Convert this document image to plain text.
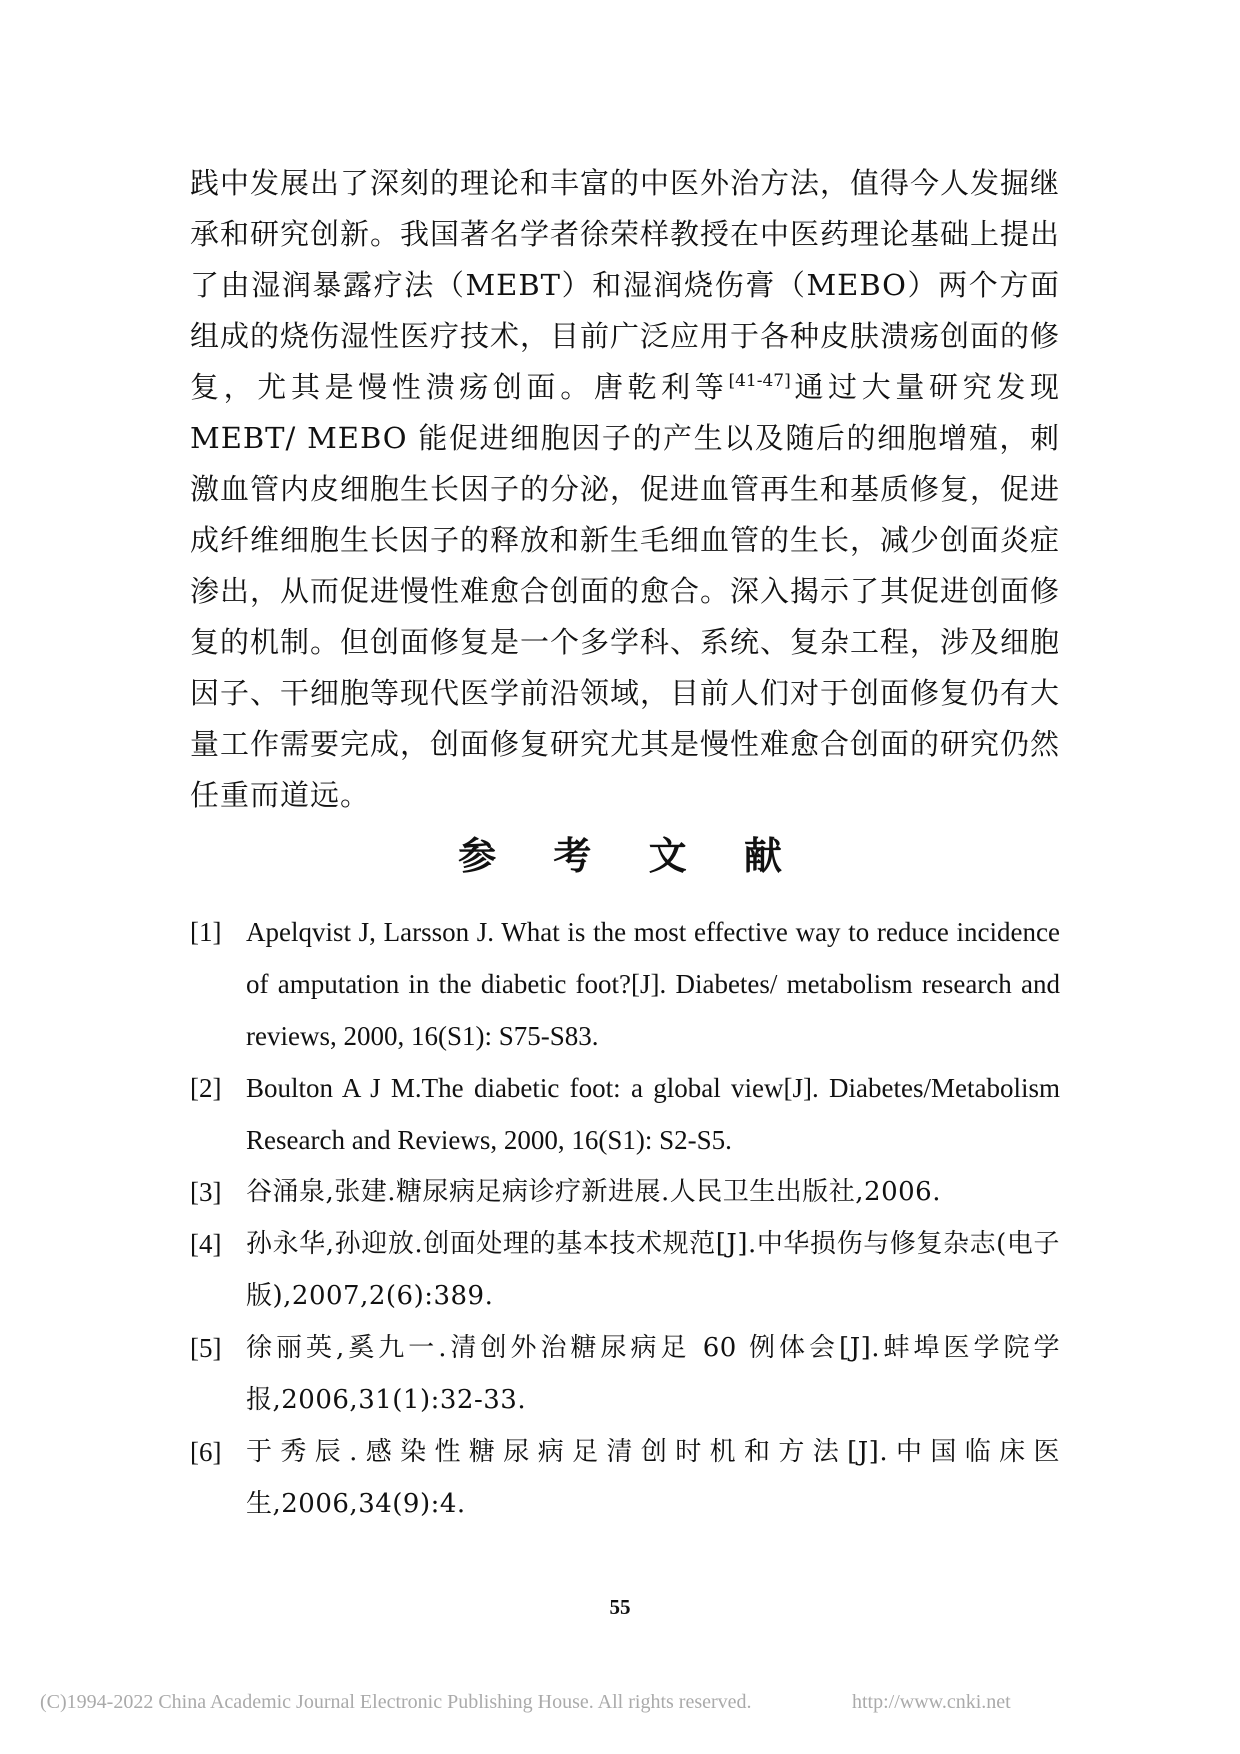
践中发展出了深刻的理论和丰富的中医外治方法，值得今人发掘继承和研究创新。我国著名学者徐荣样教授在中医药理论基础上提出了由湿润暴露疗法（MEBT）和湿润烧伤膏（MEBO）两个方面组成的烧伤湿性医疗技术，目前广泛应用于各种皮肤溃疡创面的修复，尤其是慢性溃疡创面。唐乾利等[41-47]通过大量研究发现 MEBT/ MEBO 能促进细胞因子的产生以及随后的细胞增殖，刺激血管内皮细胞生长因子的分泌，促进血管再生和基质修复，促进成纤维细胞生长因子的释放和新生毛细血管的生长，减少创面炎症渗出，从而促进慢性难愈合创面的愈合。深入揭示了其促进创面修复的机制。但创面修复是一个多学科、系统、复杂工程，涉及细胞因子、干细胞等现代医学前沿领域，目前人们对于创面修复仍有大量工作需要完成，创面修复研究尤其是慢性难愈合创面的研究仍然任重而道远。

参 考 文 献
[1] Apelqvist J, Larsson J. What is the most effective way to reduce incidence of amputation in the diabetic foot?[J]. Diabetes/ metabolism research and reviews, 2000, 16(S1): S75-S83.
[2] Boulton A J M.The diabetic foot: a global view[J]. Diabetes/Metabolism Research and Reviews, 2000, 16(S1): S2-S5.
[3] 谷涌泉,张建.糖尿病足病诊疗新进展.人民卫生出版社,2006.
[4] 孙永华,孙迎放.创面处理的基本技术规范[J].中华损伤与修复杂志(电子版),2007,2(6):389.
[5] 徐丽英,奚九一.清创外治糖尿病足 60 例体会[J].蚌埠医学院学报,2006,31(1):32-33.
[6] 于秀辰.感染性糖尿病足清创时机和方法[J].中国临床医生,2006,34(9):4.
55
(C)1994-2022 China Academic Journal Electronic Publishing House. All rights reserved.	http://www.cnki.net
